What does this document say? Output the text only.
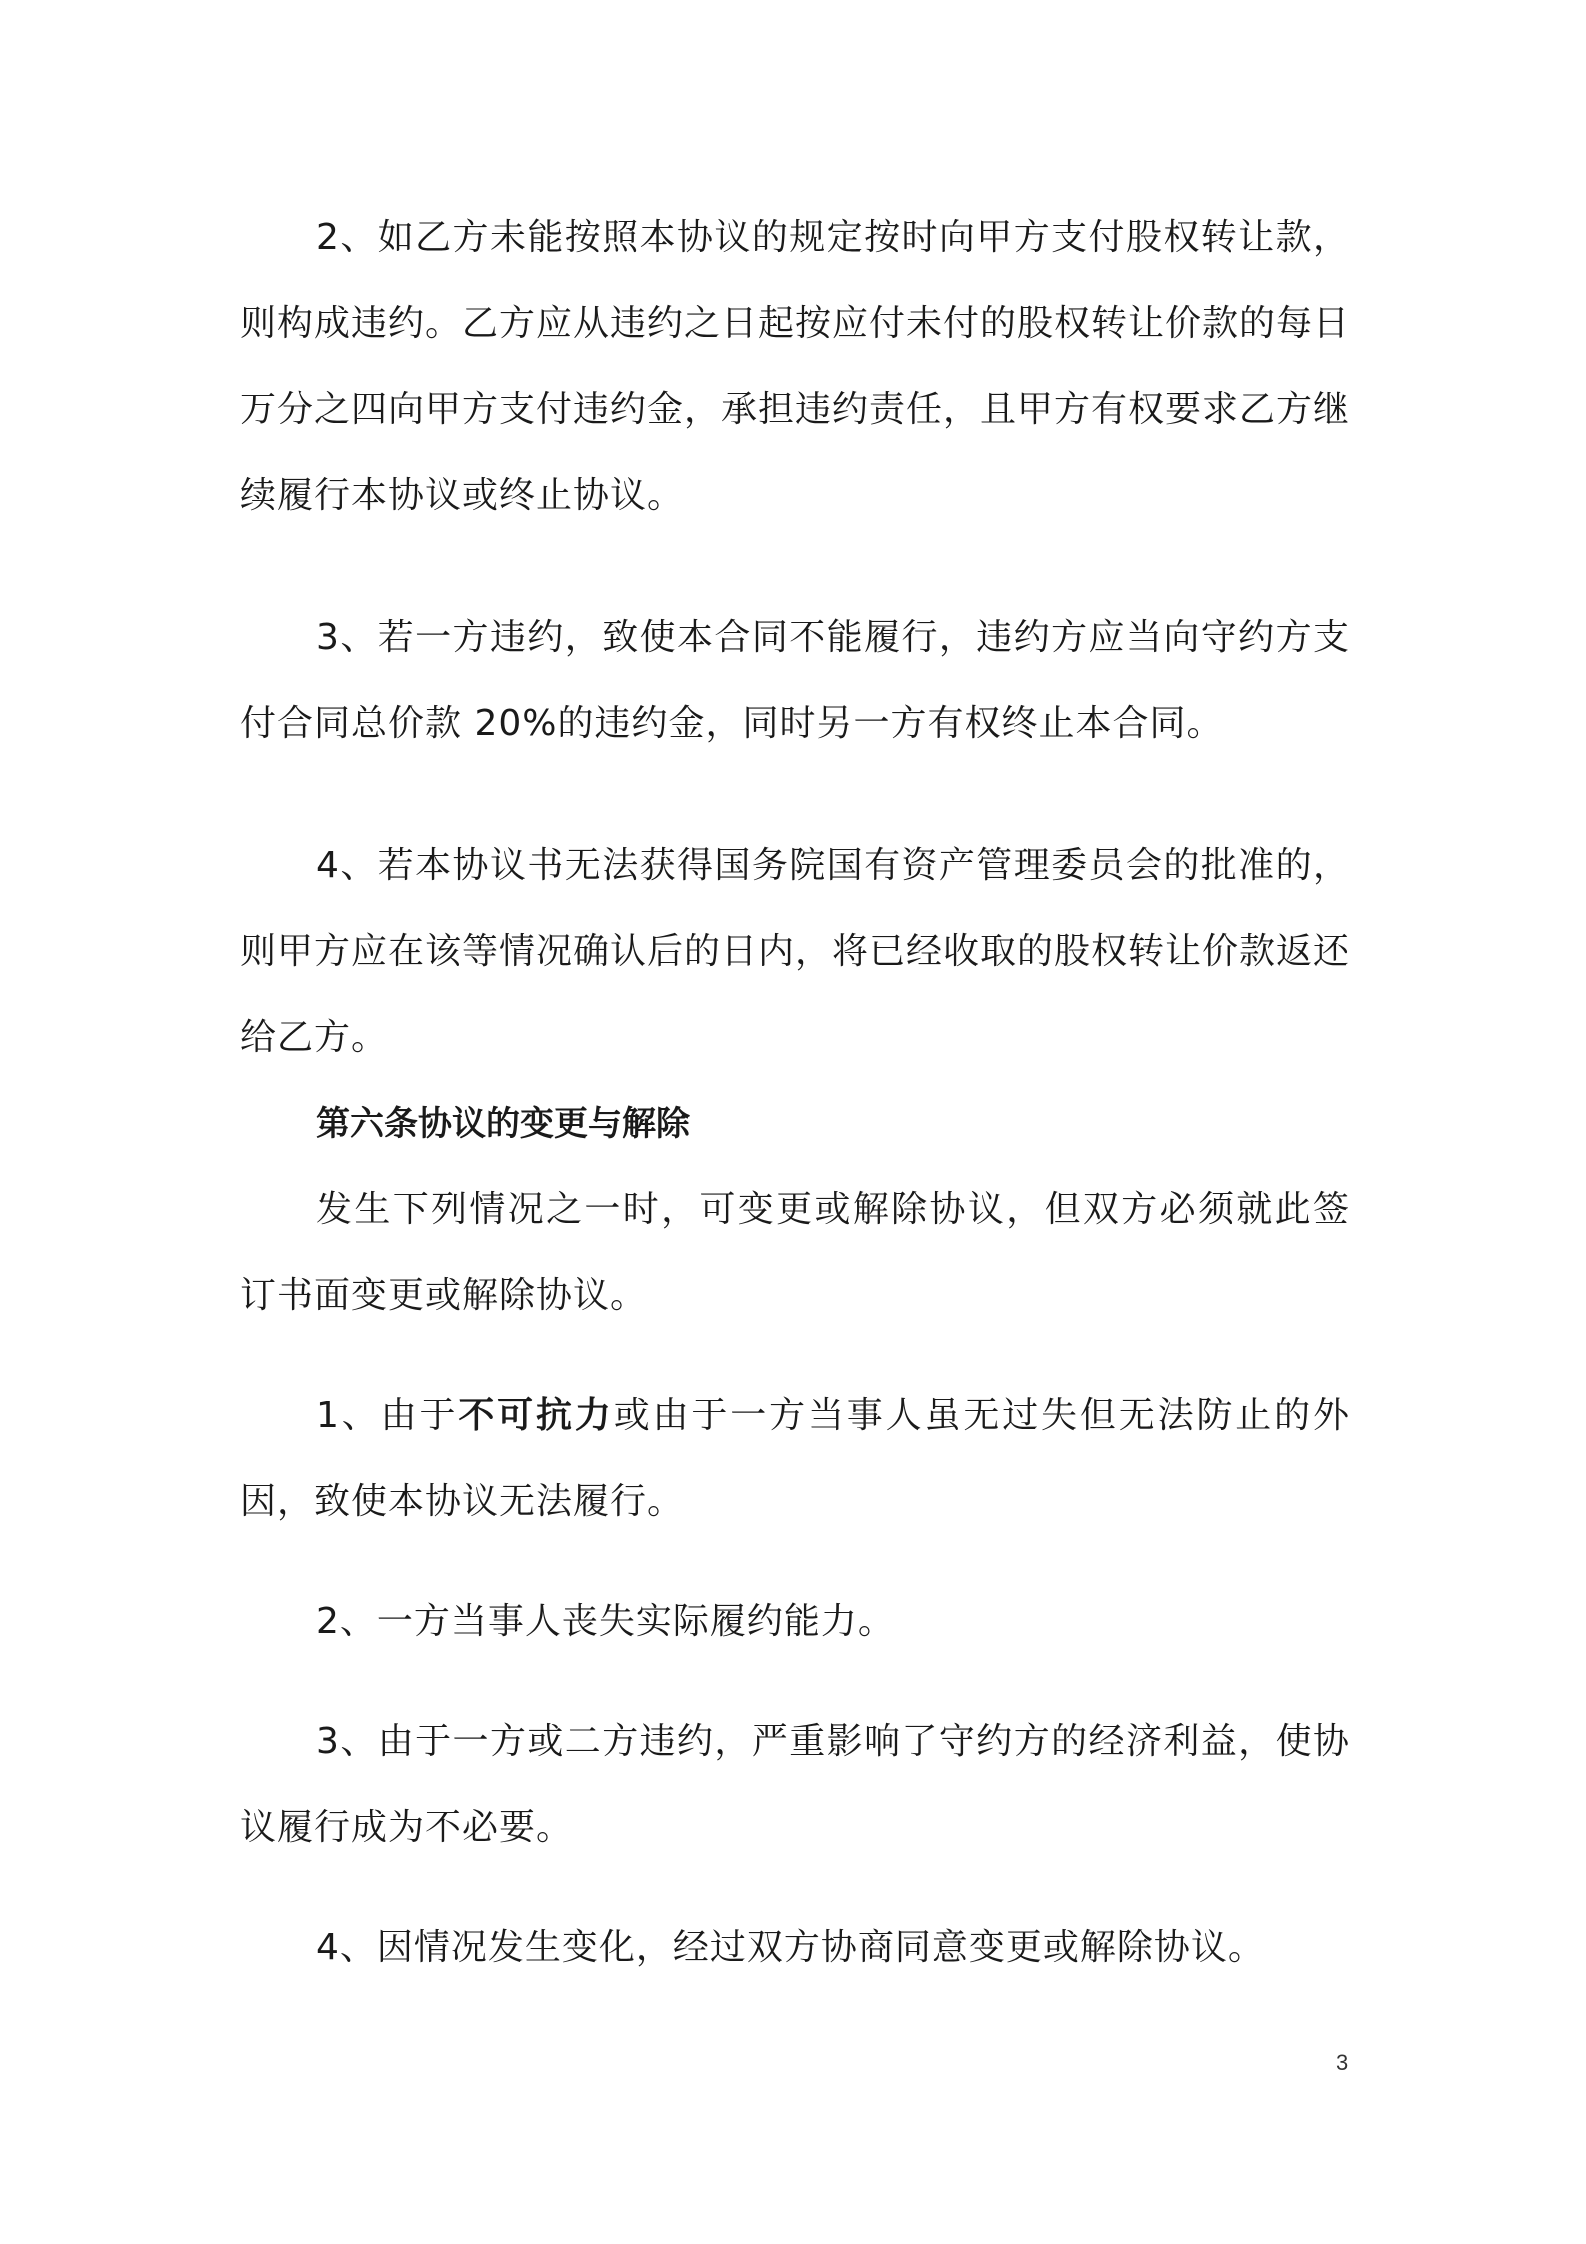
2、如乙方未能按照本协议的规定按时向甲方支付股权转让款，则构成违约。乙方应从违约之日起按应付未付的股权转让价款的每日万分之四向甲方支付违约金，承担违约责任，且甲方有权要求乙方继续履行本协议或终止协议。

3、若一方违约，致使本合同不能履行，违约方应当向守约方支付合同总价款 20%的违约金，同时另一方有权终止本合同。

4、若本协议书无法获得国务院国有资产管理委员会的批准的，则甲方应在该等情况确认后的日内，将已经收取的股权转让价款返还给乙方。

第六条协议的变更与解除

发生下列情况之一时，可变更或解除协议，但双方必须就此签订书面变更或解除协议。

1、由于不可抗力或由于一方当事人虽无过失但无法防止的外因，致使本协议无法履行。

2、一方当事人丧失实际履约能力。

3、由于一方或二方违约，严重影响了守约方的经济利益，使协议履行成为不必要。

4、因情况发生变化，经过双方协商同意变更或解除协议。

3
